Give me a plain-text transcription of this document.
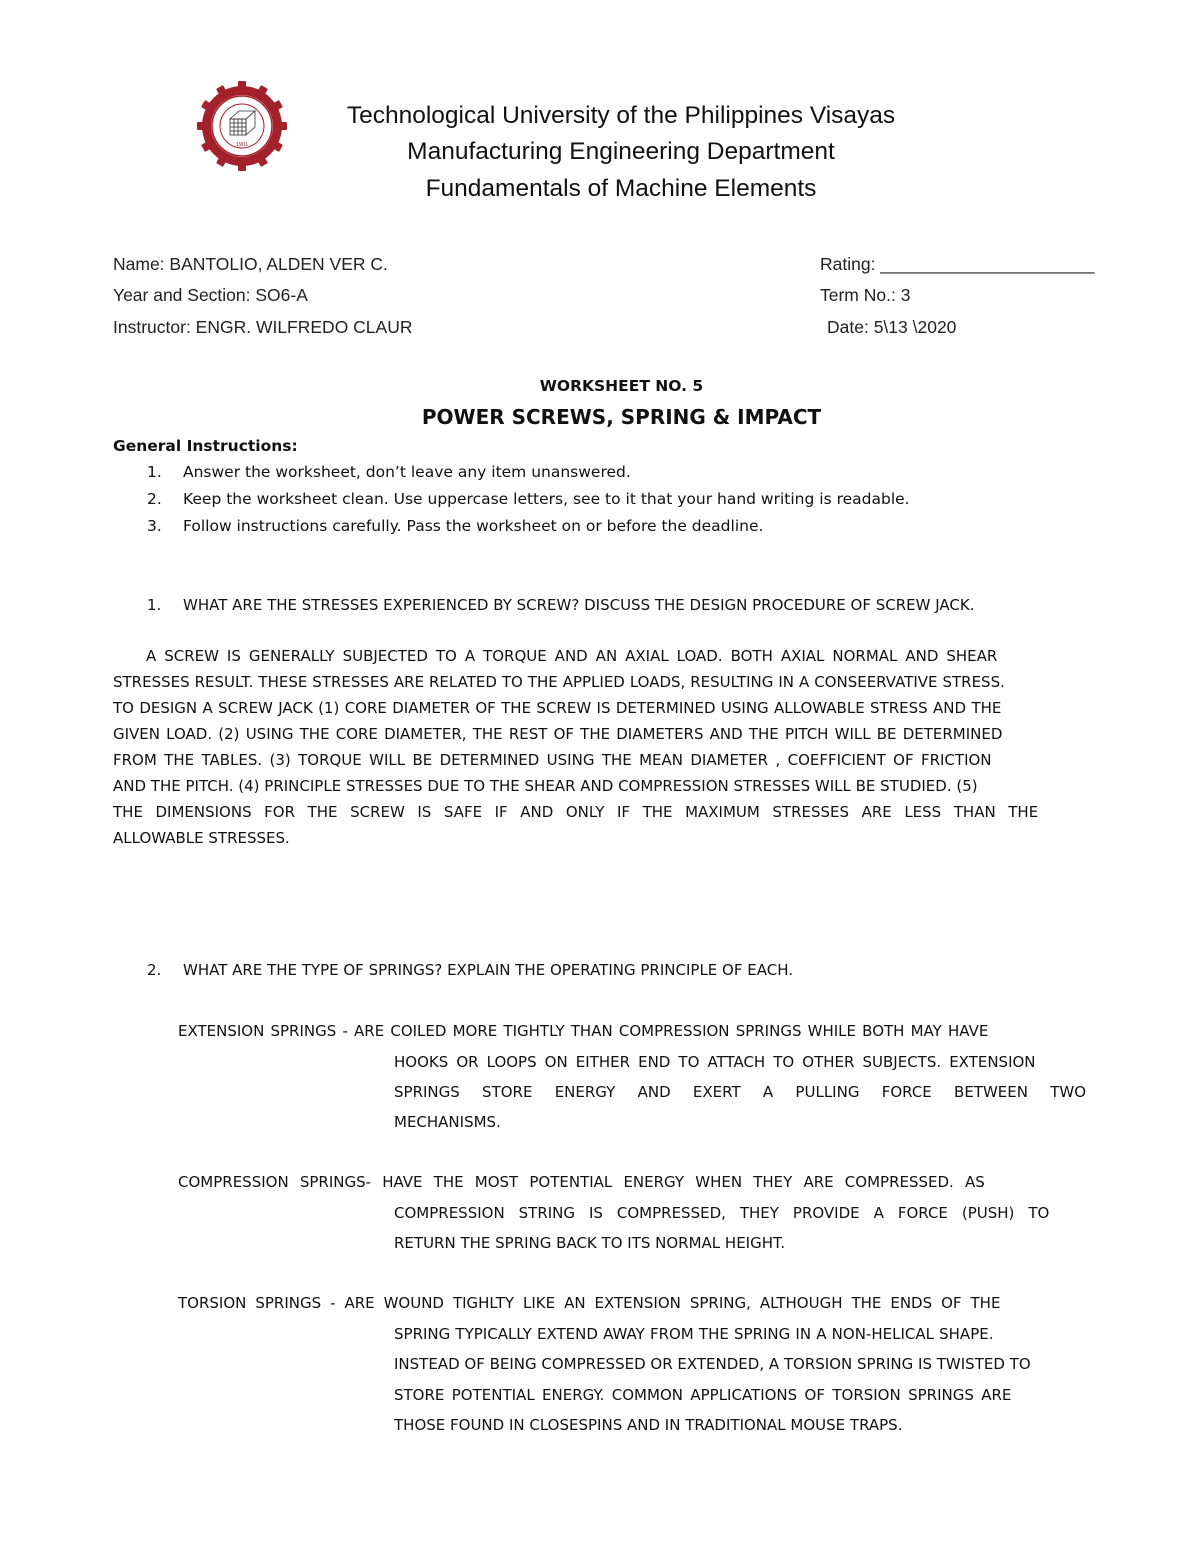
1901
Technological University of the Philippines Visayas
Manufacturing Engineering Department
Fundamentals of Machine Elements
Name: BANTOLIO, ALDEN VER C.	Rating: ______________________
Year and Section: SO6-A	Term No.: 3
Instructor: ENGR. WILFREDO CLAUR	Date: 5\13 \2020
WORKSHEET NO. 5
POWER SCREWS, SPRING & IMPACT
General Instructions:
1. Answer the worksheet, don’t leave any item unanswered.
2. Keep the worksheet clean. Use uppercase letters, see to it that your hand writing is readable.
3. Follow instructions carefully. Pass the worksheet on or before the deadline.
1. WHAT ARE THE STRESSES EXPERIENCED BY SCREW? DISCUSS THE DESIGN PROCEDURE OF SCREW JACK.
A SCREW IS GENERALLY SUBJECTED TO A TORQUE AND AN AXIAL LOAD. BOTH AXIAL NORMAL AND SHEAR
STRESSES RESULT. THESE STRESSES ARE RELATED TO THE APPLIED LOADS, RESULTING IN A CONSEERVATIVE STRESS.
TO DESIGN A SCREW JACK (1) CORE DIAMETER OF THE SCREW IS DETERMINED USING ALLOWABLE STRESS AND THE
GIVEN LOAD. (2) USING THE CORE DIAMETER, THE REST OF THE DIAMETERS AND THE PITCH WILL BE DETERMINED
FROM THE TABLES. (3) TORQUE WILL BE DETERMINED USING THE MEAN DIAMETER , COEFFICIENT OF FRICTION
AND THE PITCH. (4) PRINCIPLE STRESSES DUE TO THE SHEAR AND COMPRESSION STRESSES WILL BE STUDIED. (5)
THE DIMENSIONS FOR THE SCREW IS SAFE IF AND ONLY IF THE MAXIMUM STRESSES ARE LESS THAN THE
ALLOWABLE STRESSES.
2. WHAT ARE THE TYPE OF SPRINGS? EXPLAIN THE OPERATING PRINCIPLE OF EACH.
EXTENSION SPRINGS - ARE COILED MORE TIGHTLY THAN COMPRESSION SPRINGS WHILE BOTH MAY HAVE
HOOKS OR LOOPS ON EITHER END TO ATTACH TO OTHER SUBJECTS. EXTENSION
SPRINGS STORE ENERGY AND EXERT A PULLING FORCE BETWEEN TWO
MECHANISMS.
COMPRESSION SPRINGS- HAVE THE MOST POTENTIAL ENERGY WHEN THEY ARE COMPRESSED. AS
COMPRESSION STRING IS COMPRESSED, THEY PROVIDE A FORCE (PUSH) TO
RETURN THE SPRING BACK TO ITS NORMAL HEIGHT.
TORSION SPRINGS - ARE WOUND TIGHLTY LIKE AN EXTENSION SPRING, ALTHOUGH THE ENDS OF THE
SPRING TYPICALLY EXTEND AWAY FROM THE SPRING IN A NON-HELICAL SHAPE.
INSTEAD OF BEING COMPRESSED OR EXTENDED, A TORSION SPRING IS TWISTED TO
STORE POTENTIAL ENERGY. COMMON APPLICATIONS OF TORSION SPRINGS ARE
THOSE FOUND IN CLOSESPINS AND IN TRADITIONAL MOUSE TRAPS.
